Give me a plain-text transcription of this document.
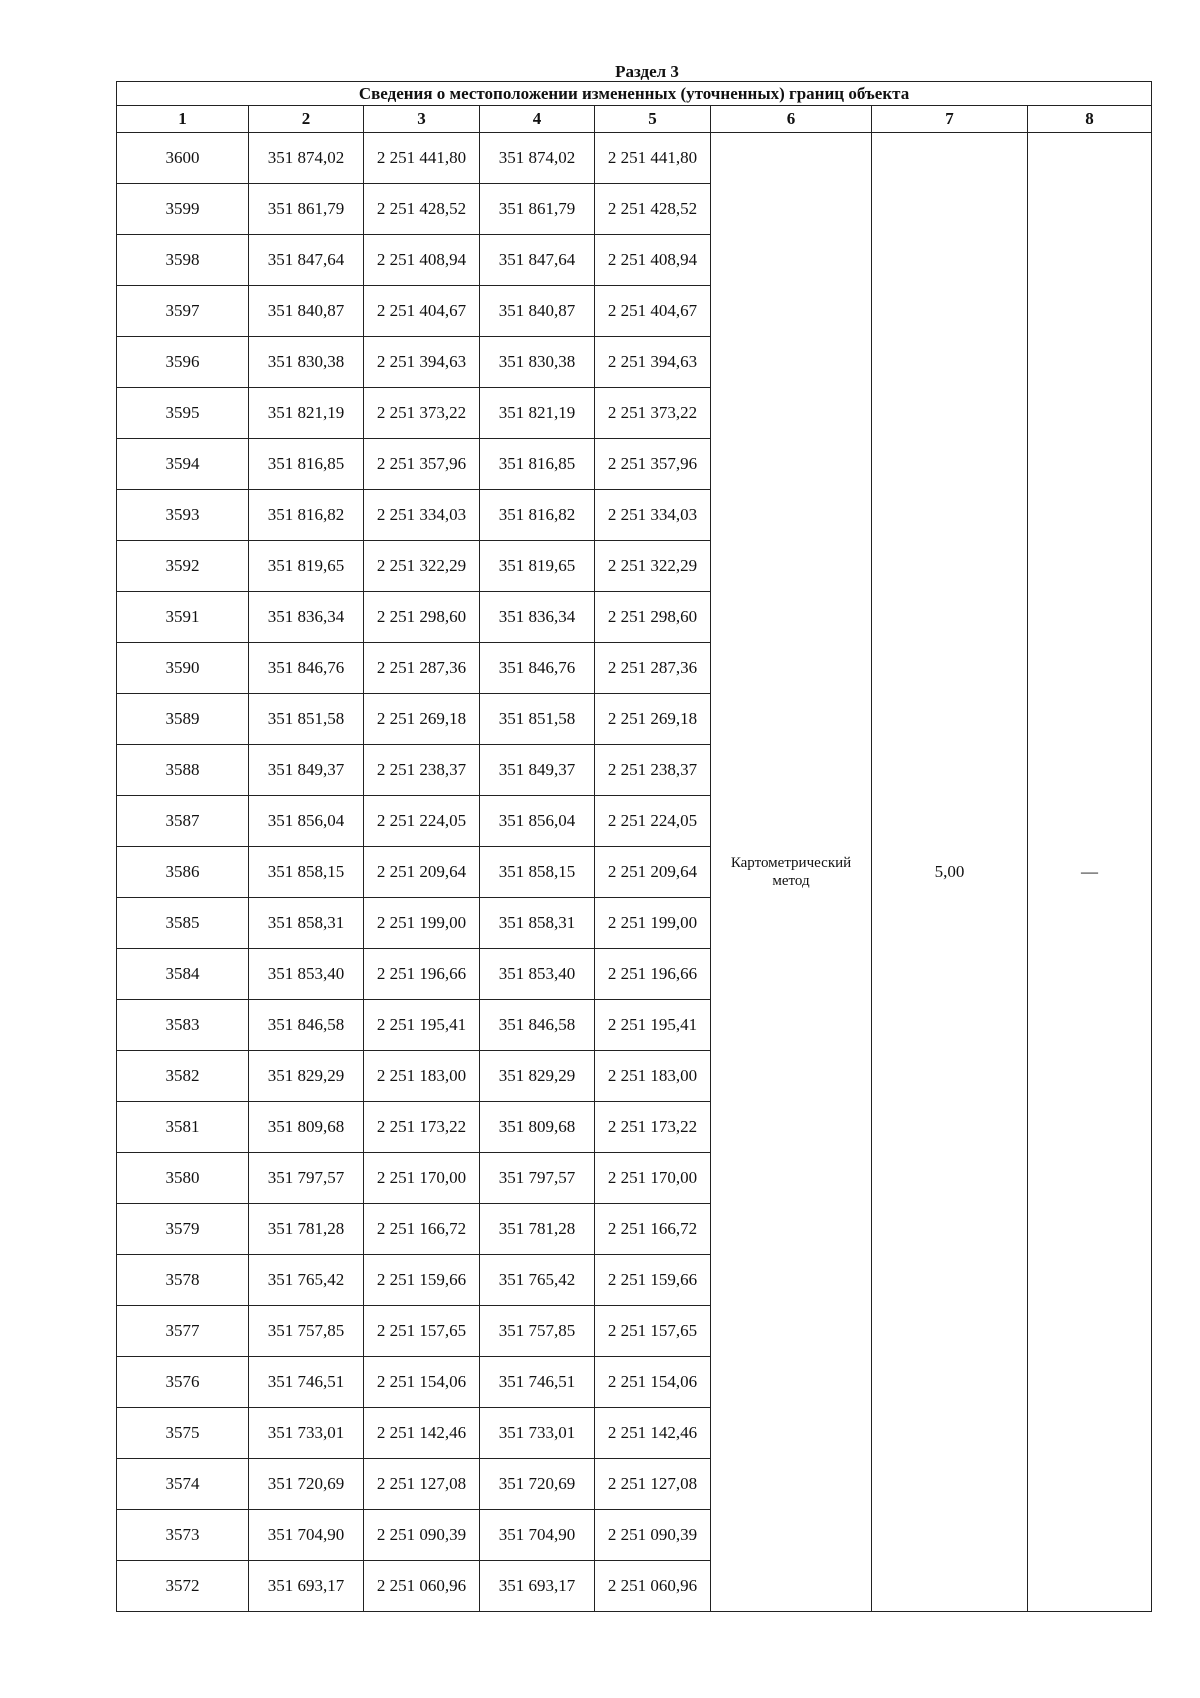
Раздел 3
Сведения о местоположении измененных (уточненных) границ объекта							
1	2	3	4	5	6	7	8
3600	351 874,02	2 251 441,80	351 874,02	2 251 441,80	Картометрический метод	5,00	—
3599	351 861,79	2 251 428,52	351 861,79	2 251 428,52			
3598	351 847,64	2 251 408,94	351 847,64	2 251 408,94			
3597	351 840,87	2 251 404,67	351 840,87	2 251 404,67			
3596	351 830,38	2 251 394,63	351 830,38	2 251 394,63			
3595	351 821,19	2 251 373,22	351 821,19	2 251 373,22			
3594	351 816,85	2 251 357,96	351 816,85	2 251 357,96			
3593	351 816,82	2 251 334,03	351 816,82	2 251 334,03			
3592	351 819,65	2 251 322,29	351 819,65	2 251 322,29			
3591	351 836,34	2 251 298,60	351 836,34	2 251 298,60			
3590	351 846,76	2 251 287,36	351 846,76	2 251 287,36			
3589	351 851,58	2 251 269,18	351 851,58	2 251 269,18			
3588	351 849,37	2 251 238,37	351 849,37	2 251 238,37			
3587	351 856,04	2 251 224,05	351 856,04	2 251 224,05			
3586	351 858,15	2 251 209,64	351 858,15	2 251 209,64			
3585	351 858,31	2 251 199,00	351 858,31	2 251 199,00			
3584	351 853,40	2 251 196,66	351 853,40	2 251 196,66			
3583	351 846,58	2 251 195,41	351 846,58	2 251 195,41			
3582	351 829,29	2 251 183,00	351 829,29	2 251 183,00			
3581	351 809,68	2 251 173,22	351 809,68	2 251 173,22			
3580	351 797,57	2 251 170,00	351 797,57	2 251 170,00			
3579	351 781,28	2 251 166,72	351 781,28	2 251 166,72			
3578	351 765,42	2 251 159,66	351 765,42	2 251 159,66			
3577	351 757,85	2 251 157,65	351 757,85	2 251 157,65			
3576	351 746,51	2 251 154,06	351 746,51	2 251 154,06			
3575	351 733,01	2 251 142,46	351 733,01	2 251 142,46			
3574	351 720,69	2 251 127,08	351 720,69	2 251 127,08			
3573	351 704,90	2 251 090,39	351 704,90	2 251 090,39			
3572	351 693,17	2 251 060,96	351 693,17	2 251 060,96			
